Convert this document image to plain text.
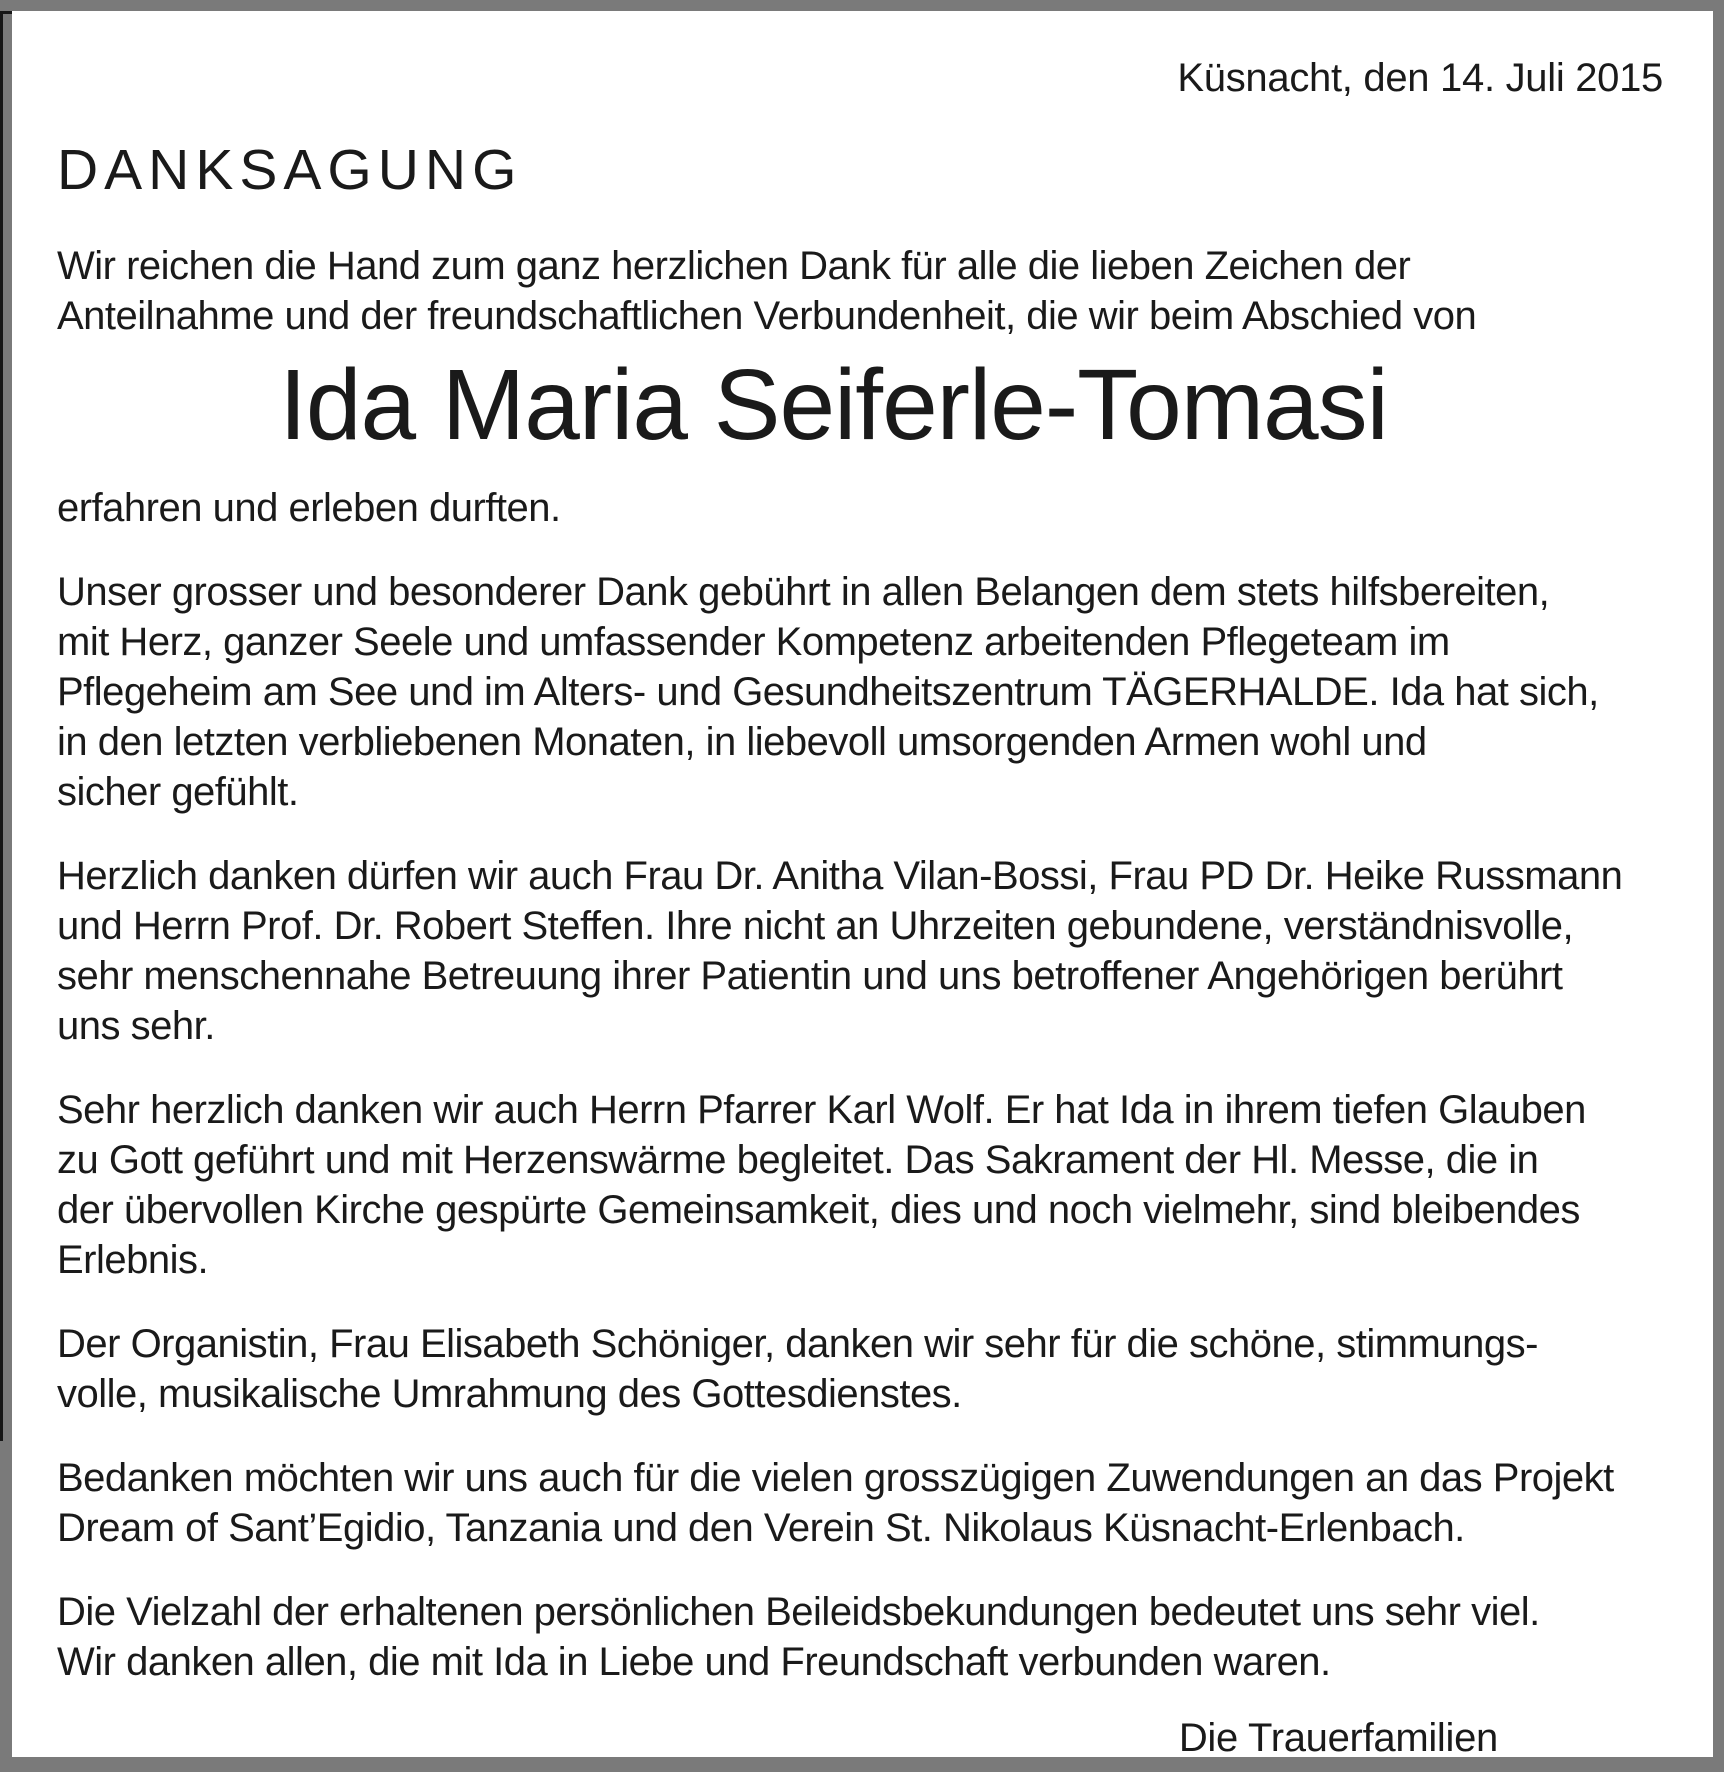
Küsnacht, den 14. Juli 2015
DANKSAGUNG

Wir reichen die Hand zum ganz herzlichen Dank für alle die lieben Zeichen der
Anteilnahme und der freundschaftlichen Verbundenheit, die wir beim Abschied von

Ida Maria Seiferle-Tomasi

erfahren und erleben durften.

Unser grosser und besonderer Dank gebührt in allen Belangen dem stets hilfsbereiten,
mit Herz, ganzer Seele und umfassender Kompetenz arbeitenden Pflegeteam im
Pflegeheim am See und im Alters- und Gesundheitszentrum TÄGERHALDE. Ida hat sich,
in den letzten verbliebenen Monaten, in liebevoll umsorgenden Armen wohl und
sicher gefühlt.

Herzlich danken dürfen wir auch Frau Dr. Anitha Vilan-Bossi, Frau PD Dr. Heike Russmann
und Herrn Prof. Dr. Robert Steffen. Ihre nicht an Uhrzeiten gebundene, verständnisvolle,
sehr menschennahe Betreuung ihrer Patientin und uns betroffener Angehörigen berührt
uns sehr.

Sehr herzlich danken wir auch Herrn Pfarrer Karl Wolf. Er hat Ida in ihrem tiefen Glauben
zu Gott geführt und mit Herzenswärme begleitet. Das Sakrament der Hl. Messe, die in
der übervollen Kirche gespürte Gemeinsamkeit, dies und noch vielmehr, sind bleibendes
Erlebnis.

Der Organistin, Frau Elisabeth Schöniger, danken wir sehr für die schöne, stimmungs-
volle, musikalische Umrahmung des Gottesdienstes.

Bedanken möchten wir uns auch für die vielen grosszügigen Zuwendungen an das Projekt
Dream of Sant’Egidio, Tanzania und den Verein St. Nikolaus Küsnacht-Erlenbach.

Die Vielzahl der erhaltenen persönlichen Beileidsbekundungen bedeutet uns sehr viel.
Wir danken allen, die mit Ida in Liebe und Freundschaft verbunden waren.

Die Trauerfamilien
